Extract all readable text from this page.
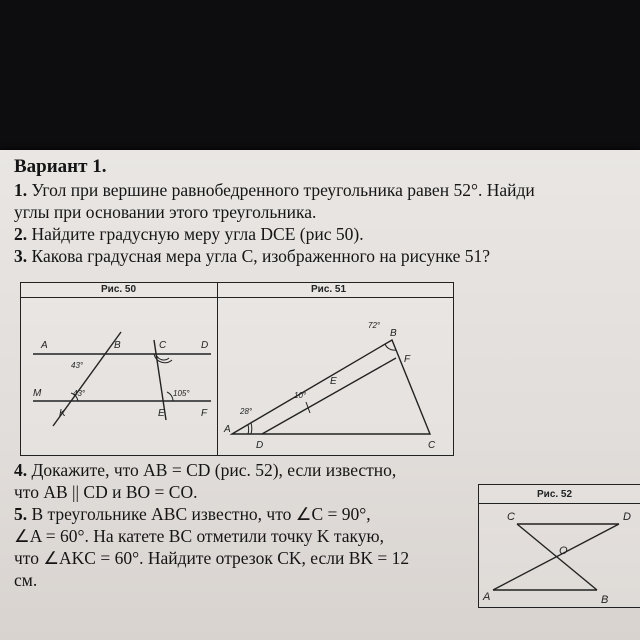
Вариант 1.
1. Угол при вершине равнобедренного треугольника равен 52°. Найди
углы при основании этого треугольника.
2. Найдите градусную меру угла DCE (рис 50).
3. Какова градусная мера угла C, изображенного на рисунке 51?
Рис. 50	Рис. 51
A	B	C	D
M
K	E	F
43°
43°	105°
A
B
C
D
E
F
72°
10°
28°
4. Докажите, что AB = CD (рис. 52), если известно,
что AB || CD и BO = CO.
5. В треугольнике ABC известно, что ∠C = 90°,
∠A = 60°. На катете BC отметили точку K такую,
что ∠AKC = 60°. Найдите отрезок CK, если BK = 12
см.
Рис. 52
C	D
A	B
O
